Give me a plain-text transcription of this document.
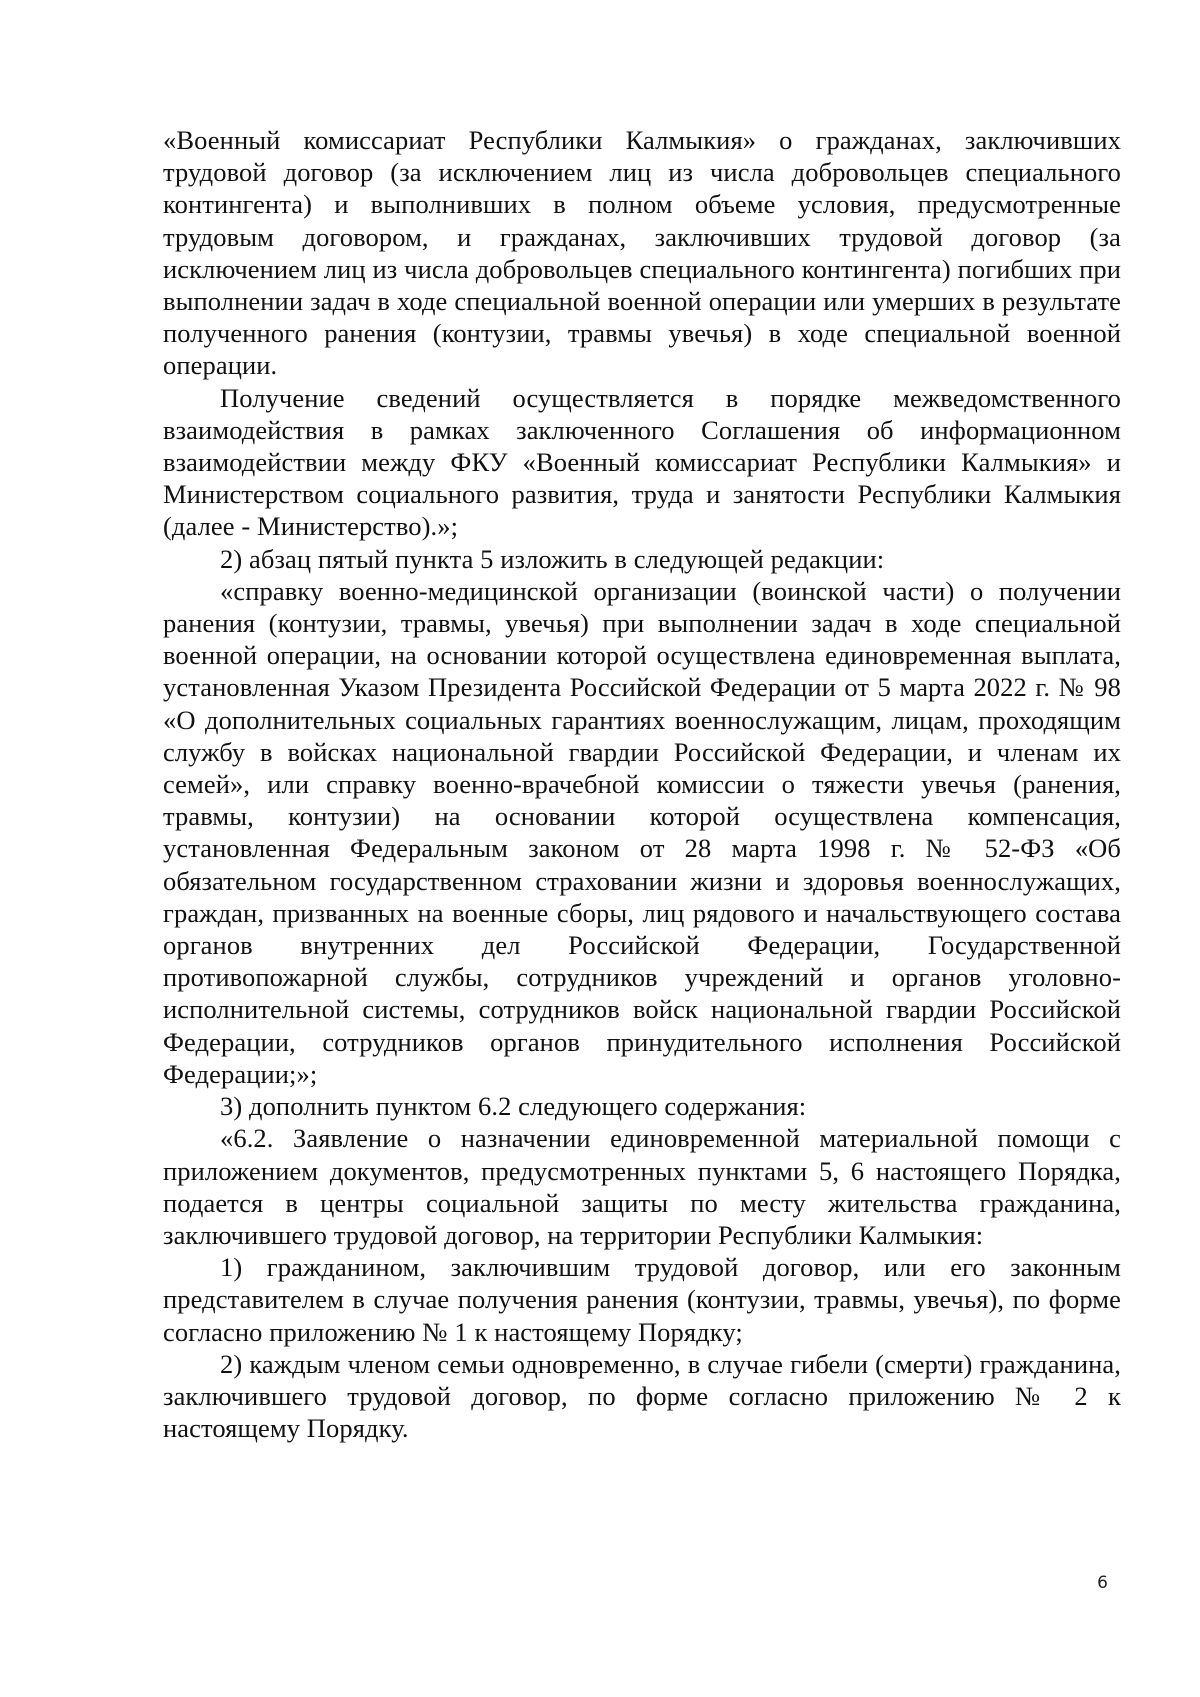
«Военный комиссариат Республики Калмыкия» о гражданах, заключивших трудовой договор (за исключением лиц из числа добровольцев специального контингента) и выполнивших в полном объеме условия, предусмотренные трудовым договором, и гражданах, заключивших трудовой договор (за исключением лиц из числа добровольцев специального контингента) погибших при выполнении задач в ходе специальной военной операции или умерших в результате полученного ранения (контузии, травмы увечья) в ходе специальной военной операции.

Получение сведений осуществляется в порядке межведомственного взаимодействия в рамках заключенного Соглашения об информационном взаимодействии между ФКУ «Военный комиссариат Республики Калмыкия» и Министерством социального развития, труда и занятости Республики Калмыкия (далее - Министерство).»;

2) абзац пятый пункта 5 изложить в следующей редакции:

«справку военно-медицинской организации (воинской части) о получении ранения (контузии, травмы, увечья) при выполнении задач в ходе специальной военной операции, на основании которой осуществлена единовременная выплата, установленная Указом Президента Российской Федерации от 5 марта 2022 г. № 98 «О дополнительных социальных гарантиях военнослужащим, лицам, проходящим службу в войсках национальной гвардии Российской Федерации, и членам их семей», или справку военно-врачебной комиссии о тяжести увечья (ранения, травмы, контузии) на основании которой осуществлена компенсация, установленная Федеральным законом от 28 марта 1998 г. № 52-ФЗ «Об обязательном государственном страховании жизни и здоровья военнослужащих, граждан, призванных на военные сборы, лиц рядового и начальствующего состава органов внутренних дел Российской Федерации, Государственной противопожарной службы, сотрудников учреждений и органов уголовно-исполнительной системы, сотрудников войск национальной гвардии Российской Федерации, сотрудников органов принудительного исполнения Российской Федерации;»;

3) дополнить пунктом 6.2 следующего содержания:

«6.2. Заявление о назначении единовременной материальной помощи с приложением документов, предусмотренных пунктами 5, 6 настоящего Порядка, подается в центры социальной защиты по месту жительства гражданина, заключившего трудовой договор, на территории Республики Калмыкия:

1) гражданином, заключившим трудовой договор, или его законным представителем в случае получения ранения (контузии, травмы, увечья), по форме согласно приложению № 1 к настоящему Порядку;

2) каждым членом семьи одновременно, в случае гибели (смерти) гражданина, заключившего трудовой договор, по форме согласно приложению № 2 к настоящему Порядку.

6
